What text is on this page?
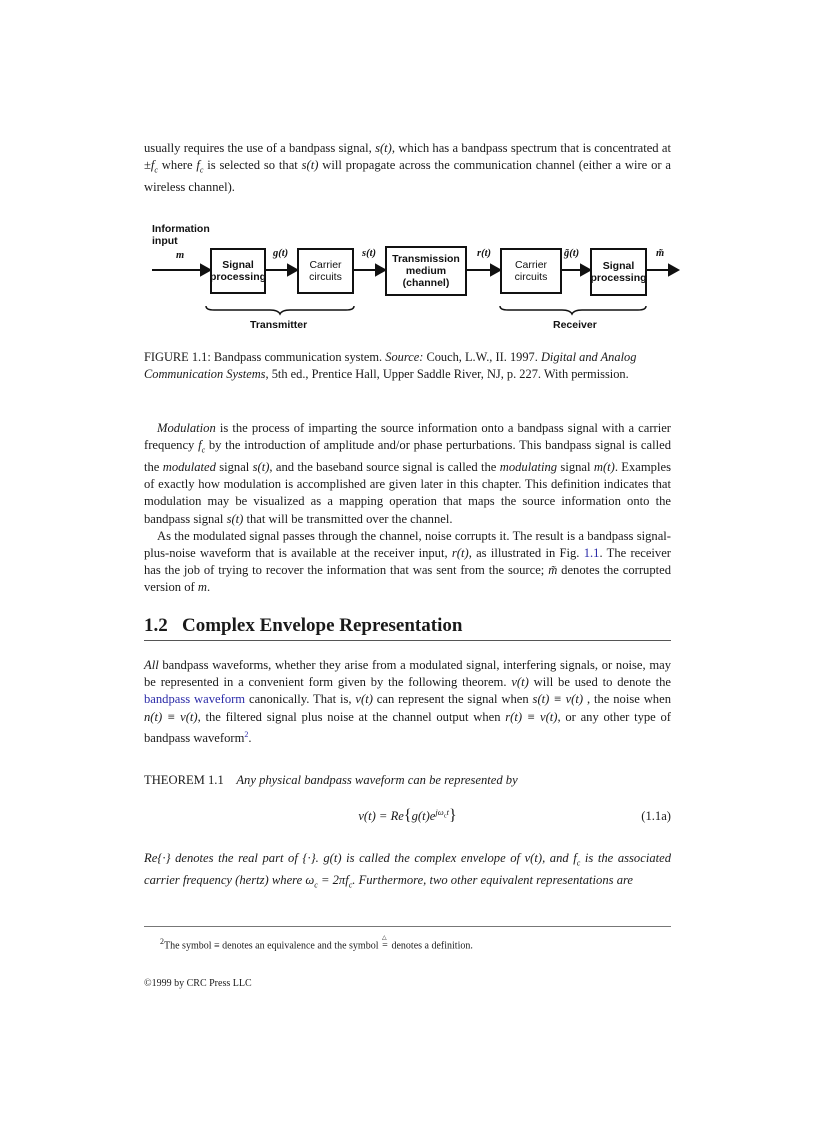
usually requires the use of a bandpass signal, s(t), which has a bandpass spectrum that is concentrated at $\pm f_c$ where $f_c$ is selected so that s(t) will propagate across the communication channel (either a wire or a wireless channel).

Information input
m
Signal processing
Carrier circuits
Transmission medium (channel)
Carrier circuits
Signal processing
g(t)	s(t)	r(t)	g̃(t)	m̃
Transmitter	Receiver

FIGURE 1.1: Bandpass communication system. Source: Couch, L.W., II. 1997. Digital and Analog Communication Systems, 5th ed., Prentice Hall, Upper Saddle River, NJ, p. 227. With permission.

Modulation is the process of imparting the source information onto a bandpass signal with a carrier frequency $f_c$ by the introduction of amplitude and/or phase perturbations. This bandpass signal is called the modulated signal s(t), and the baseband source signal is called the modulating signal m(t). Examples of exactly how modulation is accomplished are given later in this chapter. This definition indicates that modulation may be visualized as a mapping operation that maps the source information onto the bandpass signal s(t) that will be transmitted over the channel.

As the modulated signal passes through the channel, noise corrupts it. The result is a bandpass signal-plus-noise waveform that is available at the receiver input, r(t), as illustrated in Fig. 1.1. The receiver has the job of trying to recover the information that was sent from the source; m̃ denotes the corrupted version of m.

1.2 Complex Envelope Representation

All bandpass waveforms, whether they arise from a modulated signal, interfering signals, or noise, may be represented in a convenient form given by the following theorem. v(t) will be used to denote the bandpass waveform canonically. That is, v(t) can represent the signal when s(t) ≡ v(t) , the noise when n(t) ≡ v(t), the filtered signal plus noise at the channel output when r(t) ≡ v(t), or any other type of bandpass waveform$^2$.

THEOREM 1.1 Any physical bandpass waveform can be represented by

$v(t) = Re\{g(t)e^{j\omega_ct}\}$	(1.1a)

Re{·} denotes the real part of {·}. g(t) is called the complex envelope of v(t), and $f_c$ is the associated carrier frequency (hertz) where $\omega_c = 2\pi f_c$. Furthermore, two other equivalent representations are

$^2$The symbol ≡ denotes an equivalence and the symbol
△
= denotes a definition.

©1999 by CRC Press LLC
